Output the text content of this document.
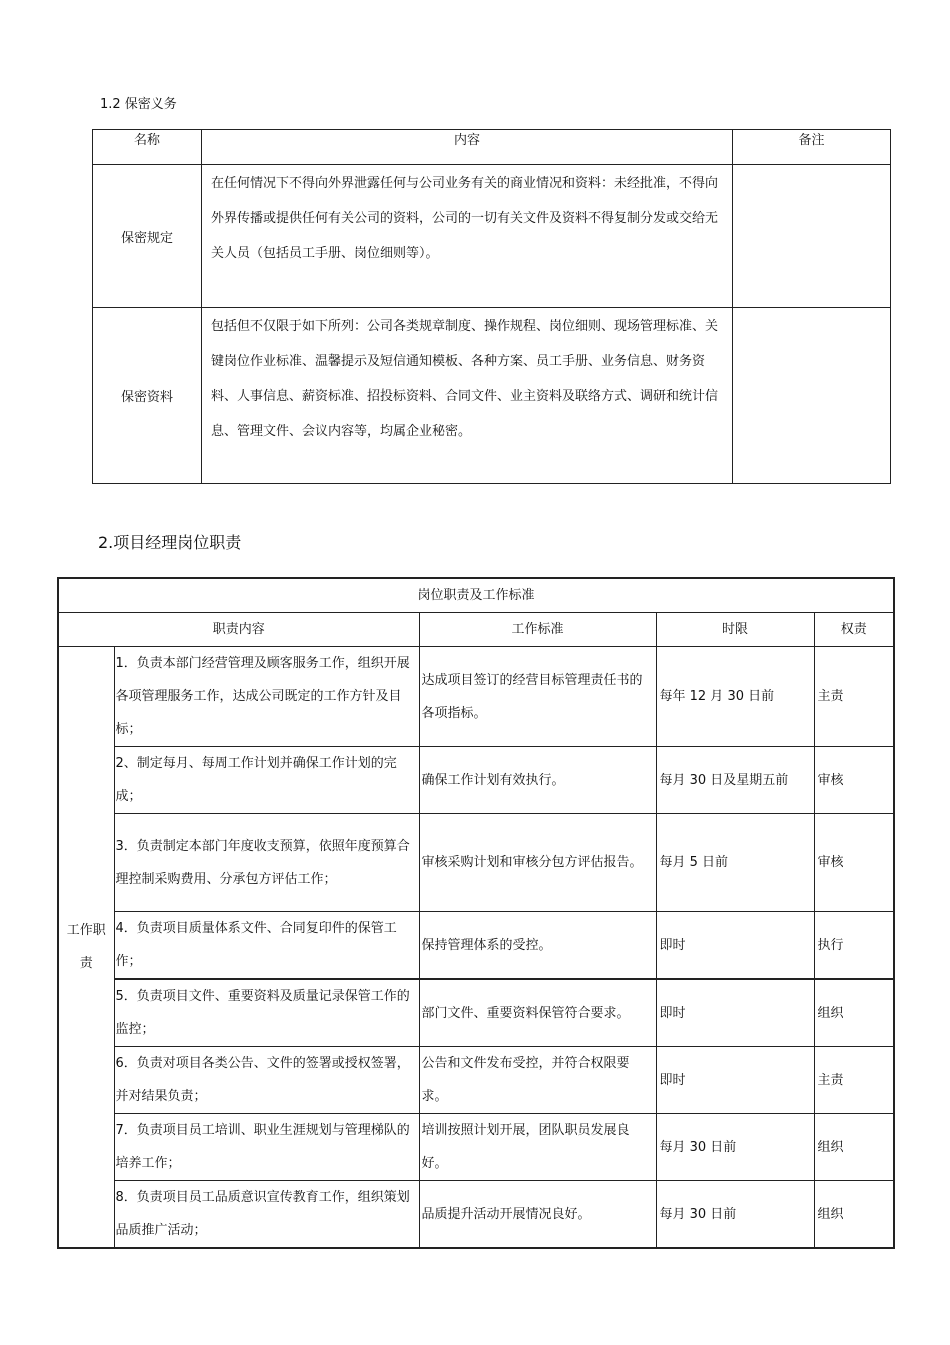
1.2 保密义务
名称	内容	备注
保密规定	在任何情况下不得向外界泄露任何与公司业务有关的商业情况和资料：未经批准，不得向外界传播或提供任何有关公司的资料，公司的一切有关文件及资料不得复制分发或交给无关人员（包括员工手册、岗位细则等）。	
保密资料	包括但不仅限于如下所列：公司各类规章制度、操作规程、岗位细则、现场管理标准、关键岗位作业标准、温馨提示及短信通知模板、各种方案、员工手册、业务信息、财务资料、人事信息、薪资标准、招投标资料、合同文件、业主资料及联络方式、调研和统计信息、管理文件、会议内容等，均属企业秘密。	
2.项目经理岗位职责
岗位职责及工作标准				
职责内容		工作标准	时限	权责
工作职责	1．负责本部门经营管理及顾客服务工作，组织开展各项管理服务工作，达成公司既定的工作方针及目标；	达成项目签订的经营目标管理责任书的各项指标。	每年 12 月 30 日前	主责
	2、制定每月、每周工作计划并确保工作计划的完成；	确保工作计划有效执行。	每月 30 日及星期五前	审核
	3．负责制定本部门年度收支预算，依照年度预算合理控制采购费用、分承包方评估工作；	审核采购计划和审核分包方评估报告。	每月 5 日前	审核
	4．负责项目质量体系文件、合同复印件的保管工作；	保持管理体系的受控。	即时	执行
	5．负责项目文件、重要资料及质量记录保管工作的监控；	部门文件、重要资料保管符合要求。	即时	组织
	6．负责对项目各类公告、文件的签署或授权签署，并对结果负责；	公告和文件发布受控，并符合权限要求。	即时	主责
	7．负责项目员工培训、职业生涯规划与管理梯队的培养工作；	培训按照计划开展，团队职员发展良好。	每月 30 日前	组织
	8．负责项目员工品质意识宣传教育工作，组织策划品质推广活动；	品质提升活动开展情况良好。	每月 30 日前	组织
